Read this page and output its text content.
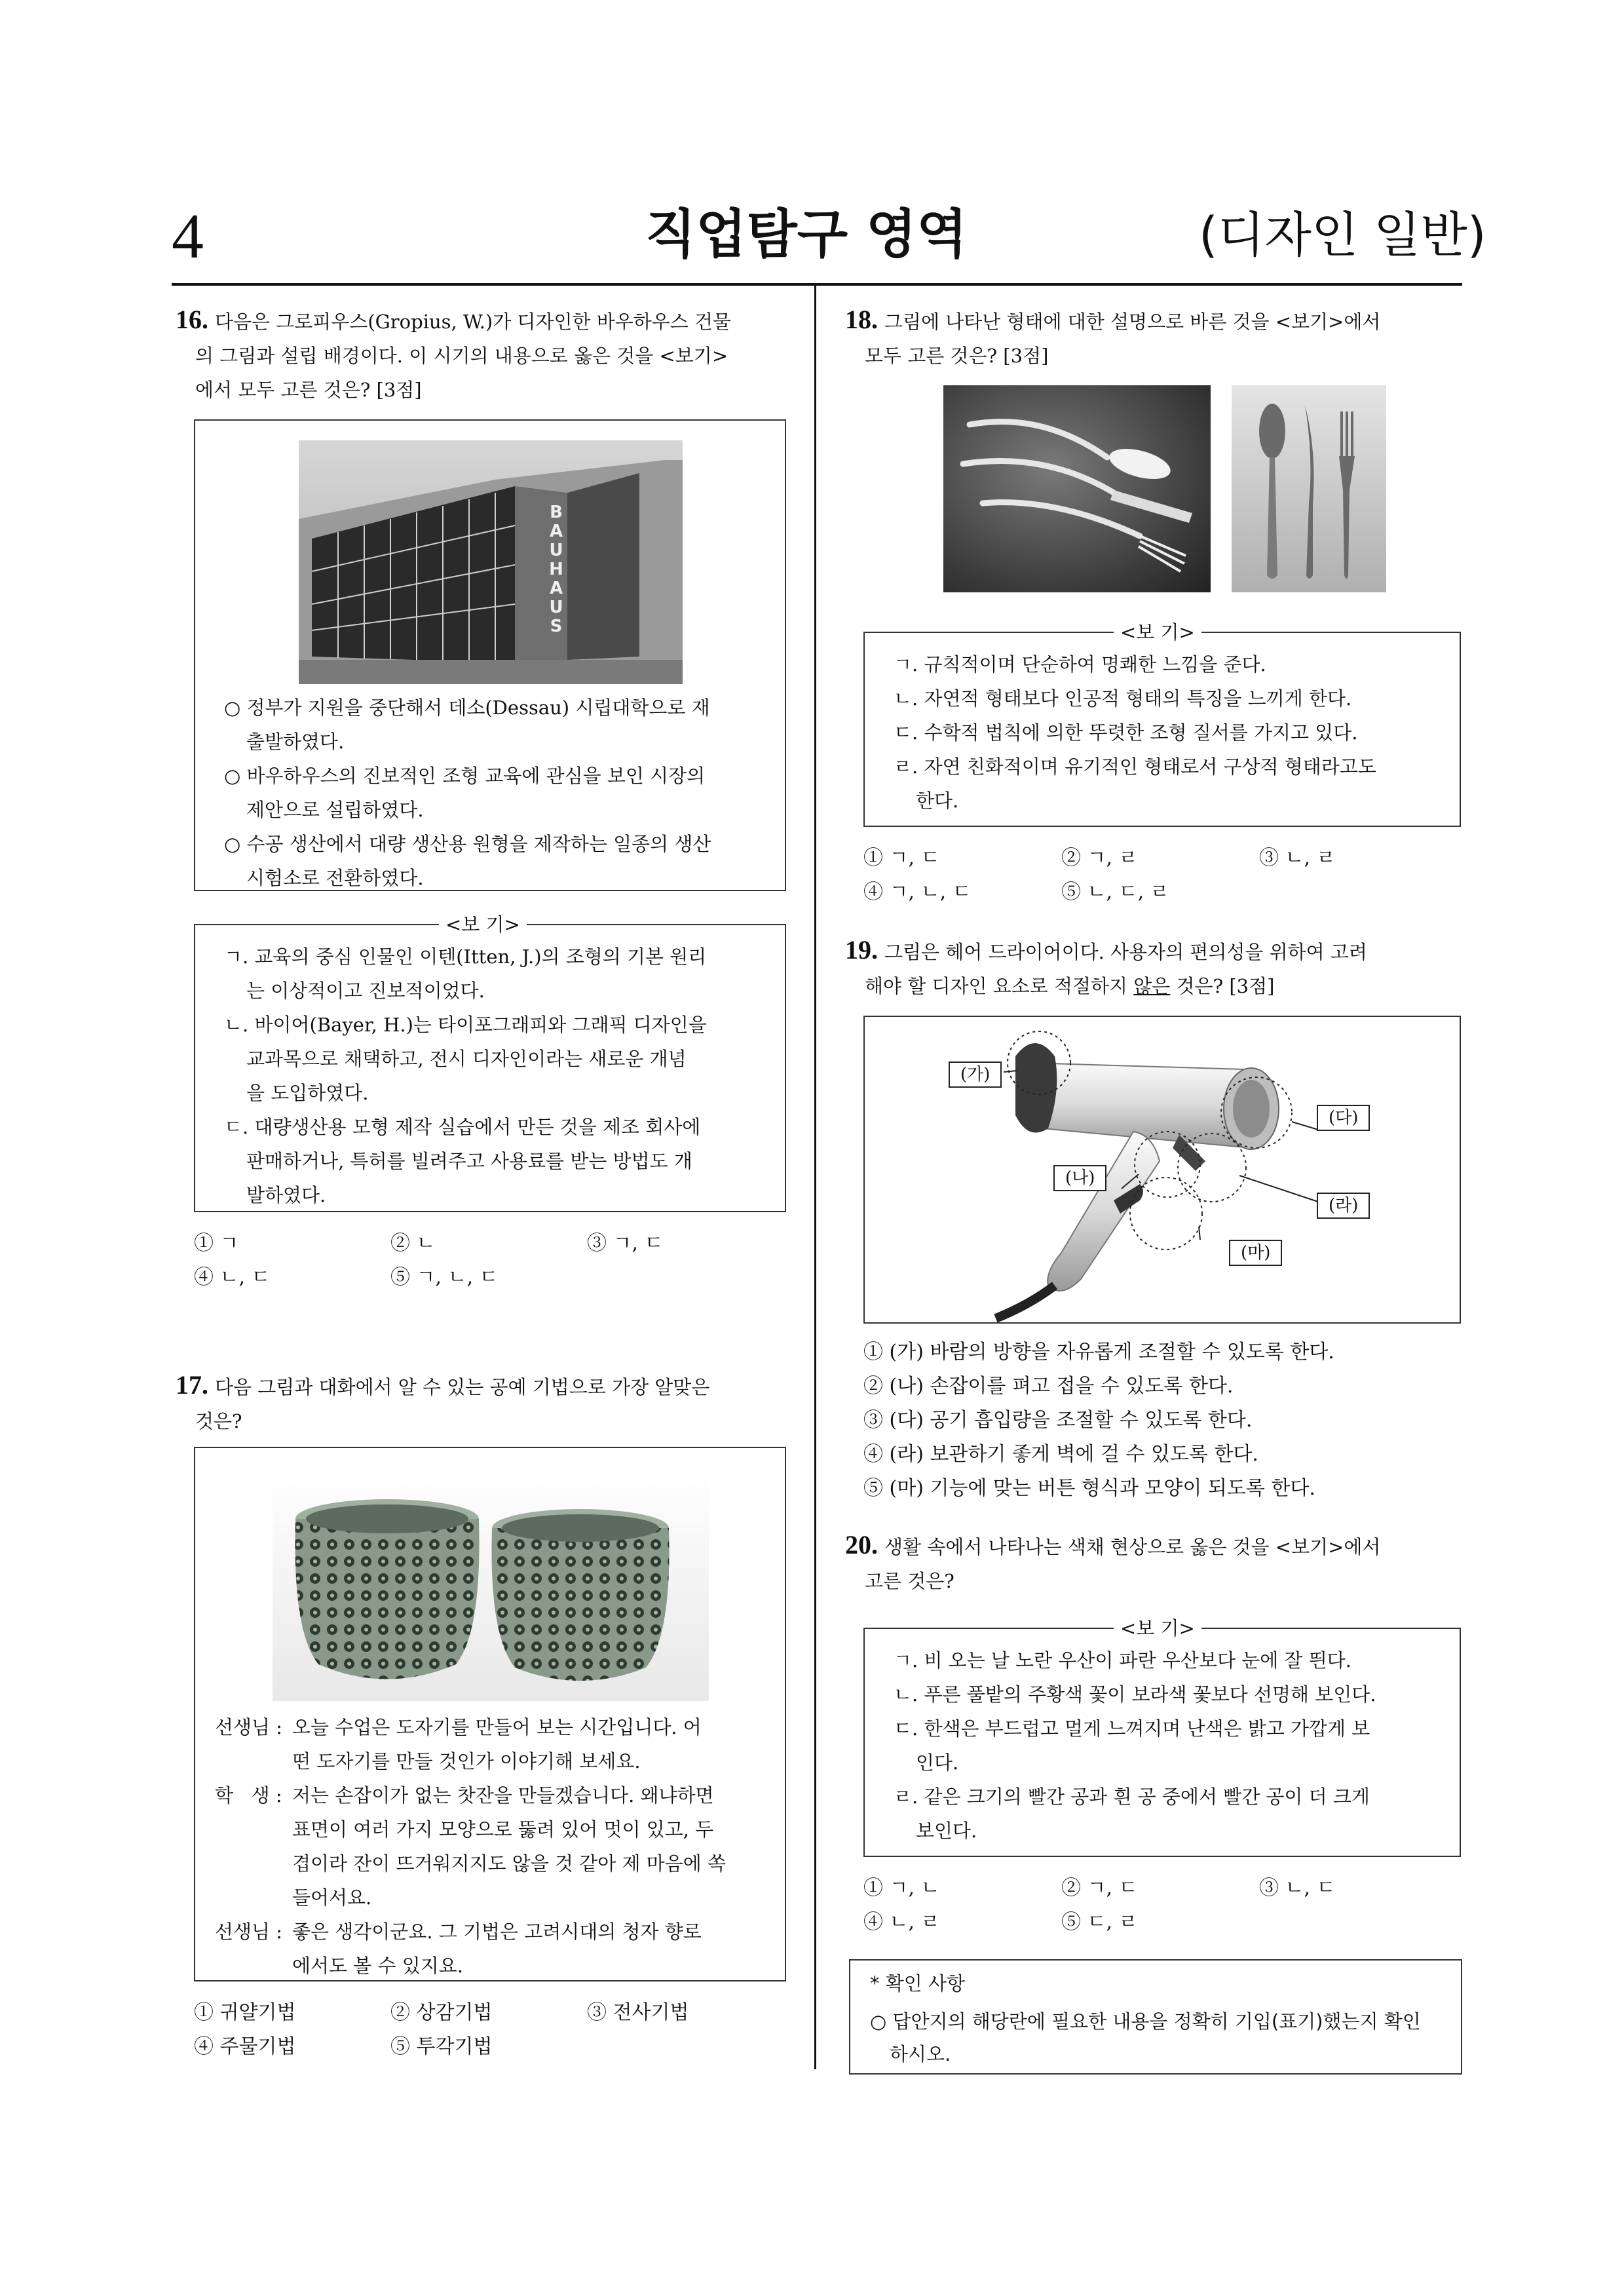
4	직업탐구 영역	(디자인 일반)
16. 다음은 그로피우스(Gropius, W.)가 디자인한 바우하우스 건물
의 그림과 설립 배경이다. 이 시기의 내용으로 옳은 것을 <보기>
에서 모두 고른 것은? [3점]
B
A
U
H
A
U
S
○ 정부가 지원을 중단해서 데소(Dessau) 시립대학으로 재
출발하였다.
○ 바우하우스의 진보적인 조형 교육에 관심을 보인 시장의
제안으로 설립하였다.
○ 수공 생산에서 대량 생산용 원형을 제작하는 일종의 생산
시험소로 전환하였다.
<보 기>
ㄱ. 교육의 중심 인물인 이텐(Itten, J.)의 조형의 기본 원리
는 이상적이고 진보적이었다.
ㄴ. 바이어(Bayer, H.)는 타이포그래피와 그래픽 디자인을
교과목으로 채택하고, 전시 디자인이라는 새로운 개념
을 도입하였다.
ㄷ. 대량생산용 모형 제작 실습에서 만든 것을 제조 회사에
판매하거나, 특허를 빌려주고 사용료를 받는 방법도 개
발하였다.
① ㄱ	② ㄴ	③ ㄱ, ㄷ
④ ㄴ, ㄷ	⑤ ㄱ, ㄴ, ㄷ
17. 다음 그림과 대화에서 알 수 있는 공예 기법으로 가장 알맞은
것은?
선생님 : 오늘 수업은 도자기를 만들어 보는 시간입니다. 어
떤 도자기를 만들 것인가 이야기해 보세요.
학   생 : 저는 손잡이가 없는 찻잔을 만들겠습니다. 왜냐하면
표면이 여러 가지 모양으로 뚫려 있어 멋이 있고, 두
겹이라 잔이 뜨거워지지도 않을 것 같아 제 마음에 쏙
들어서요.
선생님 : 좋은 생각이군요. 그 기법은 고려시대의 청자 향로
에서도 볼 수 있지요.
① 귀얄기법	② 상감기법	③ 전사기법
④ 주물기법	⑤ 투각기법
18. 그림에 나타난 형태에 대한 설명으로 바른 것을 <보기>에서
모두 고른 것은? [3점]
<보 기>
ㄱ. 규칙적이며 단순하여 명쾌한 느낌을 준다.
ㄴ. 자연적 형태보다 인공적 형태의 특징을 느끼게 한다.
ㄷ. 수학적 법칙에 의한 뚜렷한 조형 질서를 가지고 있다.
ㄹ. 자연 친화적이며 유기적인 형태로서 구상적 형태라고도
한다.
① ㄱ, ㄷ	② ㄱ, ㄹ	③ ㄴ, ㄹ
④ ㄱ, ㄴ, ㄷ	⑤ ㄴ, ㄷ, ㄹ
19. 그림은 헤어 드라이어이다. 사용자의 편의성을 위하여 고려
해야 할 디자인 요소로 적절하지 않은 것은? [3점]
(가)
(나)
(다)
(라)
(마)
① (가) 바람의 방향을 자유롭게 조절할 수 있도록 한다.
② (나) 손잡이를 펴고 접을 수 있도록 한다.
③ (다) 공기 흡입량을 조절할 수 있도록 한다.
④ (라) 보관하기 좋게 벽에 걸 수 있도록 한다.
⑤ (마) 기능에 맞는 버튼 형식과 모양이 되도록 한다.
20. 생활 속에서 나타나는 색채 현상으로 옳은 것을 <보기>에서
고른 것은?
<보 기>
ㄱ. 비 오는 날 노란 우산이 파란 우산보다 눈에 잘 띈다.
ㄴ. 푸른 풀밭의 주황색 꽃이 보라색 꽃보다 선명해 보인다.
ㄷ. 한색은 부드럽고 멀게 느껴지며 난색은 밝고 가깝게 보
인다.
ㄹ. 같은 크기의 빨간 공과 흰 공 중에서 빨간 공이 더 크게
보인다.
① ㄱ, ㄴ	② ㄱ, ㄷ	③ ㄴ, ㄷ
④ ㄴ, ㄹ	⑤ ㄷ, ㄹ
* 확인 사항
○ 답안지의 해당란에 필요한 내용을 정확히 기입(표기)했는지 확인
하시오.
